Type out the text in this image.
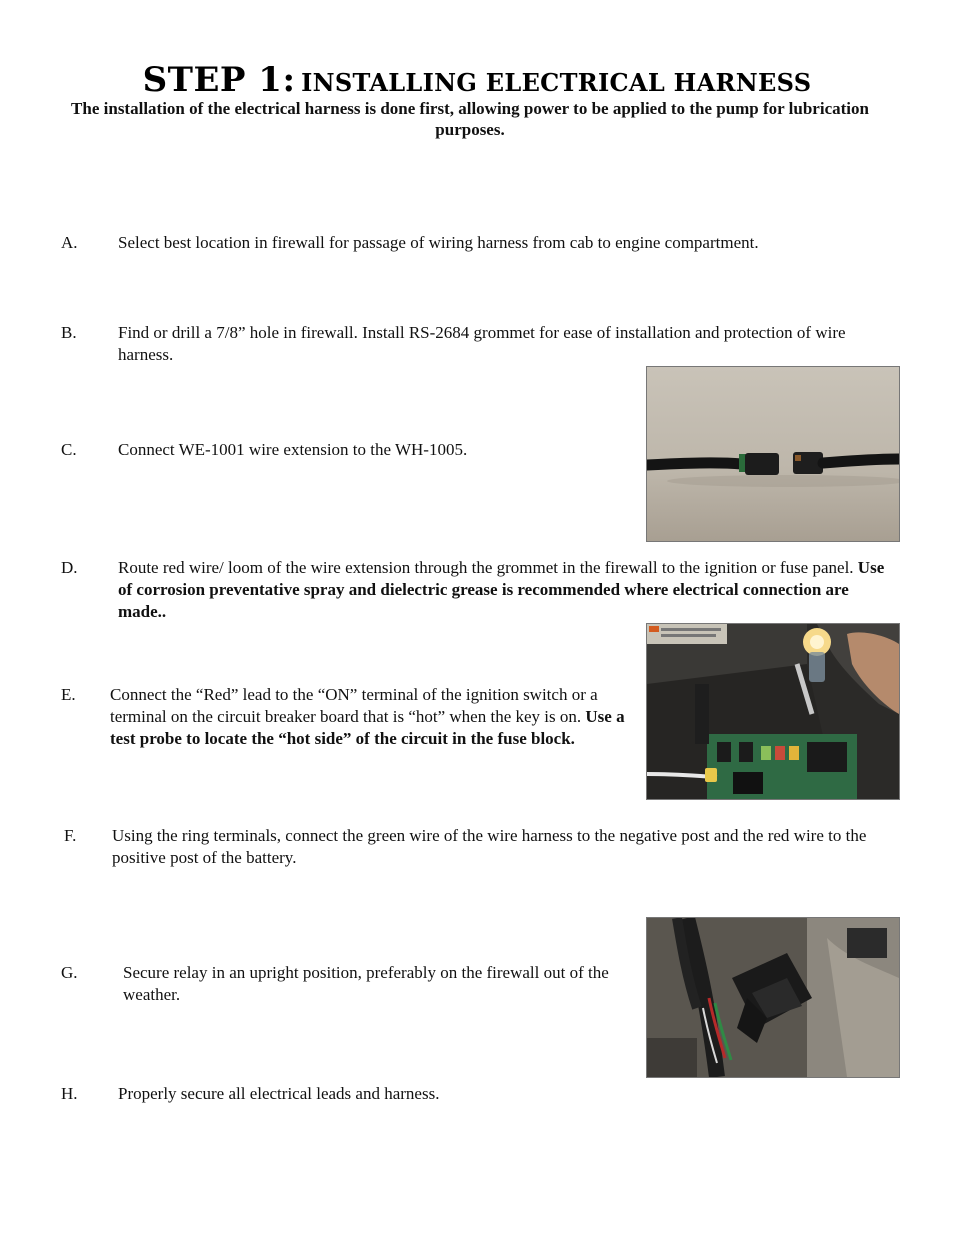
STEP 1: INSTALLING ELECTRICAL HARNESS
The installation of the electrical harness is done first, allowing power to be applied to the pump for lubrication purposes.
A. Select best location in firewall for passage of wiring harness from cab to engine compartment.
B. Find or drill a 7/8” hole in firewall. Install RS-2684 grommet for ease of installation and protection of wire harness.
C. Connect WE-1001 wire extension to the WH-1005.
D. Route red wire/ loom of the wire extension through the grommet in the firewall to the ignition or fuse panel. Use of corrosion preventative spray and dielectric grease is recommended where electrical connection are made..
E. Connect the “Red” lead to the “ON” terminal of the ignition switch or a terminal on the circuit breaker board that is “hot” when the key is on. Use a test probe to locate the “hot side” of the circuit in the fuse block.
F. Using the ring terminals, connect the green wire of the wire harness to the negative post and the red wire to the positive post of the battery.
G.	Secure relay in an upright position, preferably on the firewall out of the weather.
H. Properly secure all electrical leads and harness.
